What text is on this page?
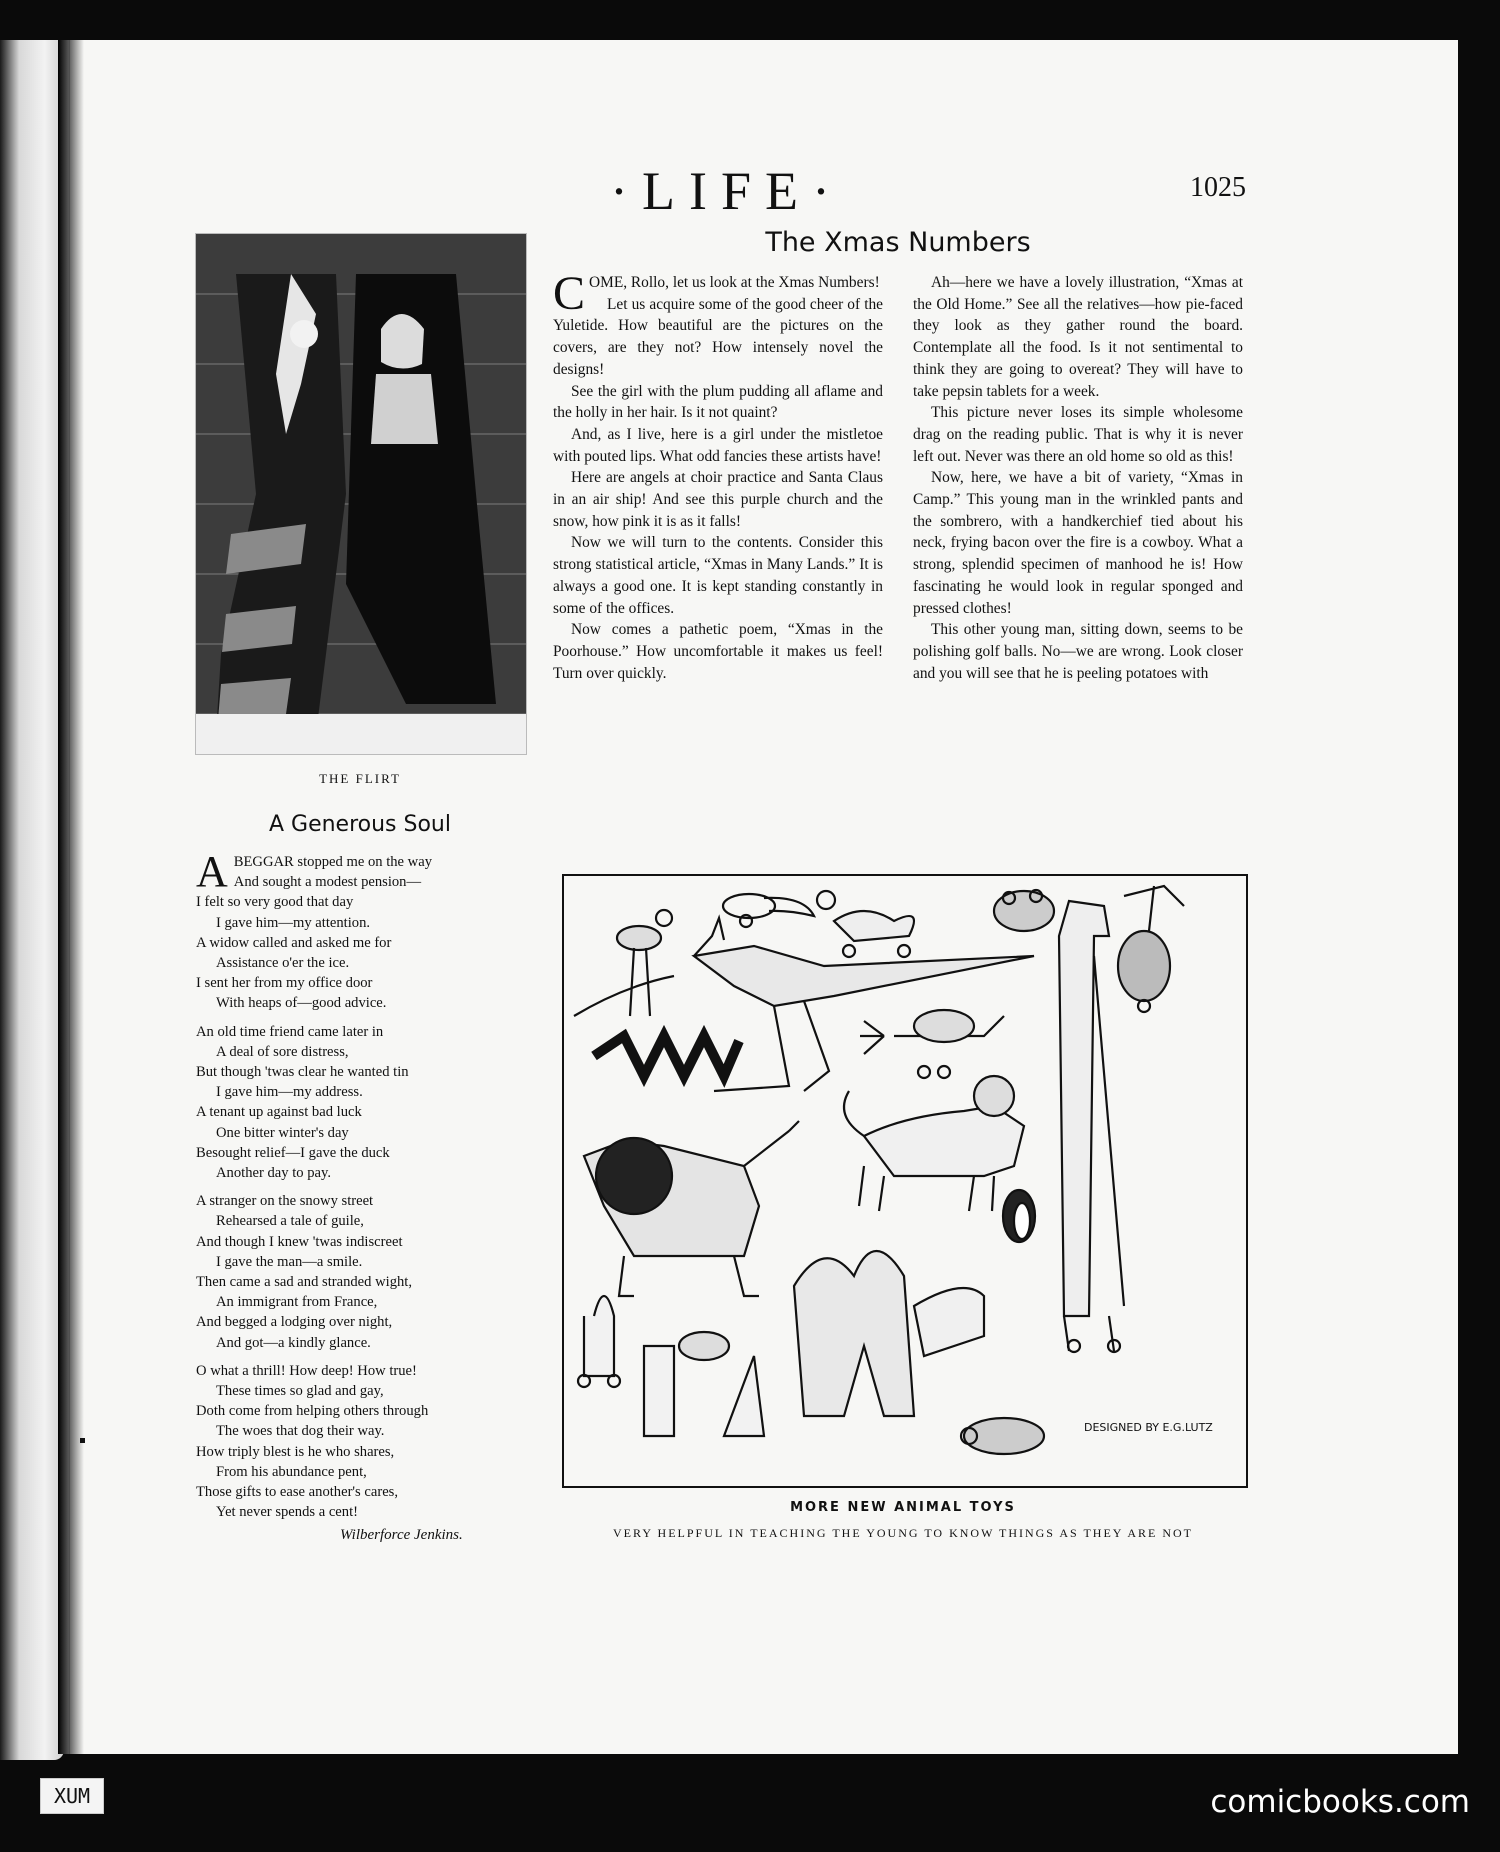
·LIFE·	1025
THE FLIRT
A Generous Soul
A BEGGAR stopped me on the way
And sought a modest pension—
I felt so very good that day
I gave him—my attention.
A widow called and asked me for
Assistance o'er the ice.
I sent her from my office door
With heaps of—good advice.
An old time friend came later in
A deal of sore distress,
But though 'twas clear he wanted tin
I gave him—my address.
A tenant up against bad luck
One bitter winter's day
Besought relief—I gave the duck
Another day to pay.
A stranger on the snowy street
Rehearsed a tale of guile,
And though I knew 'twas indiscreet
I gave the man—a smile.
Then came a sad and stranded wight,
An immigrant from France,
And begged a lodging over night,
And got—a kindly glance.
O what a thrill! How deep! How true!
These times so glad and gay,
Doth come from helping others through
The woes that dog their way.
How triply blest is he who shares,
From his abundance pent,
Those gifts to ease another's cares,
Yet never spends a cent!
Wilberforce Jenkins.
The Xmas Numbers

COME, Rollo, let us look at the Xmas Numbers!

Let us acquire some of the good cheer of the Yuletide. How beautiful are the pictures on the covers, are they not? How intensely novel the designs!

See the girl with the plum pudding all aflame and the holly in her hair. Is it not quaint?

And, as I live, here is a girl under the mistletoe with pouted lips. What odd fancies these artists have!

Here are angels at choir practice and Santa Claus in an air ship! And see this purple church and the snow, how pink it is as it falls!

Now we will turn to the contents. Consider this strong statistical article, “Xmas in Many Lands.” It is always a good one. It is kept standing constantly in some of the offices.

Now comes a pathetic poem, “Xmas in the Poorhouse.” How uncomfortable it makes us feel! Turn over quickly.

Ah—here we have a lovely illustration, “Xmas at the Old Home.” See all the relatives—how pie-faced they look as they gather round the board. Contemplate all the food. Is it not sentimental to think they are going to overeat? They will have to take pepsin tablets for a week.

This picture never loses its simple wholesome drag on the reading public. That is why it is never left out. Never was there an old home so old as this!

Now, here, we have a bit of variety, “Xmas in Camp.” This young man in the wrinkled pants and the sombrero, with a handkerchief tied about his neck, frying bacon over the fire is a cowboy. What a strong, splendid specimen of manhood he is! How fascinating he would look in regular sponged and pressed clothes!

This other young man, sitting down, seems to be polishing golf balls. No—we are wrong. Look closer and you will see that he is peeling potatoes with

DESIGNED BY E.G.LUTZ
MORE NEW ANIMAL TOYS
VERY HELPFUL IN TEACHING THE YOUNG TO KNOW THINGS AS THEY ARE NOT
XUM	comicbooks.com
